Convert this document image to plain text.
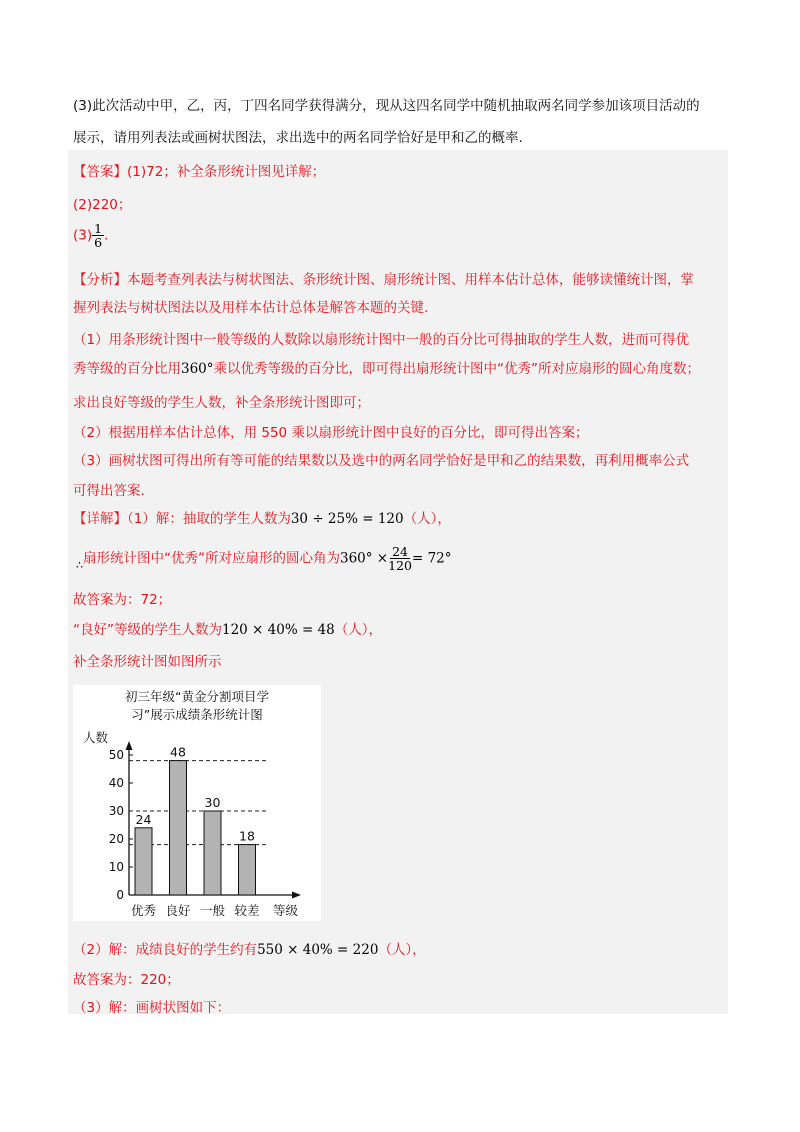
(3)此次活动中甲，乙，丙，丁四名同学获得满分，现从这四名同学中随机抽取两名同学参加该项目活动的
展示，请用列表法或画树状图法，求出选中的两名同学恰好是甲和乙的概率.
【答案】(1)72；补全条形统计图见详解；
(2)220；
$(3) \frac{1}{6}$ .
【分析】本题考查列表法与树状图法、条形统计图、扇形统计图、用样本估计总体，能够读懂统计图，掌
握列表法与树状图法以及用样本估计总体是解答本题的关键.
（1）用条形统计图中一般等级的人数除以扇形统计图中一般的百分比可得抽取的学生人数，进而可得优
秀等级的百分比用360°乘以优秀等级的百分比，即可得出扇形统计图中“优秀”所对应扇形的圆心角度数；
求出良好等级的学生人数，补全条形统计图即可；
（2）根据用样本估计总体，用 550 乘以扇形统计图中良好的百分比，即可得出答案；
（3）画树状图可得出所有等可能的结果数以及选中的两名同学恰好是甲和乙的结果数，再利用概率公式
可得出答案.
【详解】（1）解：抽取的学生人数为30 ÷ 25% = 120（人），
$_\therefore$扇形统计图中“优秀”所对应扇形的圆心角为$360^\circ \times \frac{24}{120} = 72^\circ$
故答案为：72；
“良好”等级的学生人数为120 × 40% = 48（人），
补全条形统计图如图所示
初三年级“黄金分割项目学
习”展示成绩条形统计图
人数
等级
0
10
20
30
40
50
24
优秀
48
良好
30
一般
18
较差
（2）解：成绩良好的学生约有550 × 40% = 220（人），
故答案为：220；
（3）解：画树状图如下：
